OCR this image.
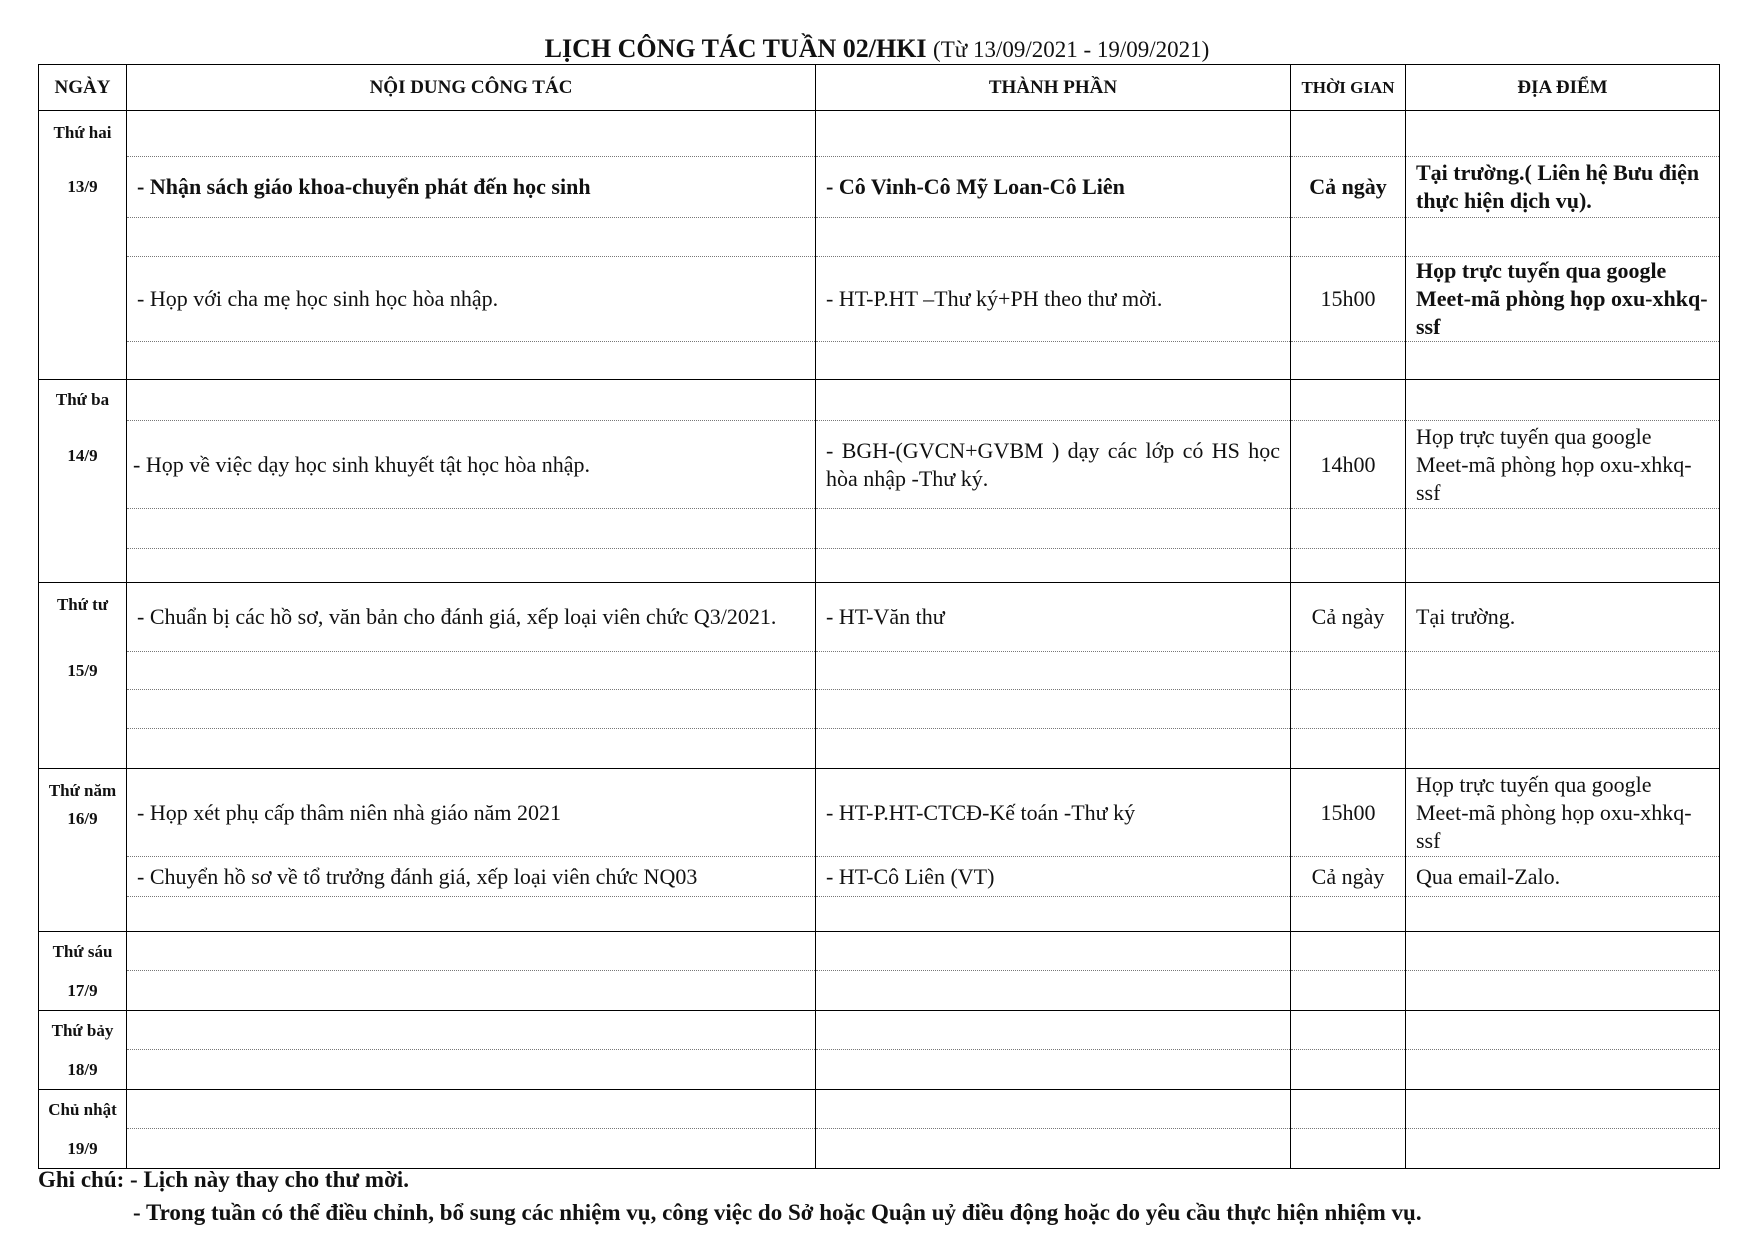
LỊCH CÔNG TÁC TUẦN 02/HKI (Từ 13/09/2021 - 19/09/2021)
NGÀY	NỘI DUNG CÔNG TÁC	THÀNH PHẦN	THỜI GIAN	ĐỊA ĐIỂM

Thứ hai
13/9				

	- Nhận sách giáo khoa-chuyển phát đến học sinh	- Cô Vinh-Cô Mỹ Loan-Cô Liên	Cả ngày	Tại trường.( Liên hệ Bưu điện thực hiện dịch vụ).

	- Họp với cha mẹ học sinh học hòa nhập.	- HT-P.HT –Thư ký+PH theo thư mời.	15h00	Họp trực tuyến qua google Meet-mã phòng họp oxu-xhkq-ssf

Thứ ba
14/9				

	- Họp về việc dạy học sinh khuyết tật học hòa nhập.	- BGH-(GVCN+GVBM ) dạy các lớp có HS học hòa nhập -Thư ký.	14h00	Họp trực tuyến qua google Meet-mã phòng họp oxu-xhkq-ssf

Thứ tư
15/9	- Chuẩn bị các hồ sơ, văn bản cho đánh giá, xếp loại viên chức Q3/2021.	- HT-Văn thư	Cả ngày	Tại trường.

Thứ năm
16/9	- Họp xét phụ cấp thâm niên nhà giáo năm 2021	- HT-P.HT-CTCĐ-Kế toán -Thư ký	15h00	Họp trực tuyến qua google Meet-mã phòng họp oxu-xhkq-ssf
	- Chuyển hồ sơ về tổ trưởng đánh giá, xếp loại viên chức NQ03	- HT-Cô Liên (VT)	Cả ngày	Qua email-Zalo.

Thứ sáu
17/9				

Thứ bảy
18/9				

Chủ nhật
19/9				

Ghi chú: - Lịch này thay cho thư mời.
- Trong tuần có thể điều chỉnh, bổ sung các nhiệm vụ, công việc do Sở hoặc Quận uỷ điều động hoặc do yêu cầu thực hiện nhiệm vụ.
